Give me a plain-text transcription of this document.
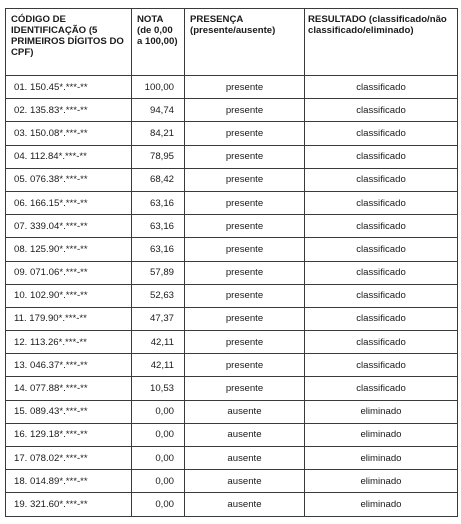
CÓDIGO DE IDENTIFICAÇÃO (5 PRIMEIROS DÍGITOS DO CPF)	NOTA (de 0,00 a 100,00)	PRESENÇA (presente/ausente)	RESULTADO (classificado/não classificado/eliminado)
01. 150.45*.***-**	100,00	presente	classificado
02. 135.83*.***-**	94,74	presente	classificado
03. 150.08*.***-**	84,21	presente	classificado
04. 112.84*.***-**	78,95	presente	classificado
05. 076.38*.***-**	68,42	presente	classificado
06. 166.15*.***-**	63,16	presente	classificado
07. 339.04*.***-**	63,16	presente	classificado
08. 125.90*.***-**	63,16	presente	classificado
09. 071.06*.***-**	57,89	presente	classificado
10. 102.90*.***-**	52,63	presente	classificado
11. 179.90*.***-**	47,37	presente	classificado
12. 113.26*.***-**	42,11	presente	classificado
13. 046.37*.***-**	42,11	presente	classificado
14. 077.88*.***-**	10,53	presente	classificado
15. 089.43*.***-**	0,00	ausente	eliminado
16. 129.18*.***-**	0,00	ausente	eliminado
17. 078.02*.***-**	0,00	ausente	eliminado
18. 014.89*.***-**	0,00	ausente	eliminado
19. 321.60*.***-**	0,00	ausente	eliminado
